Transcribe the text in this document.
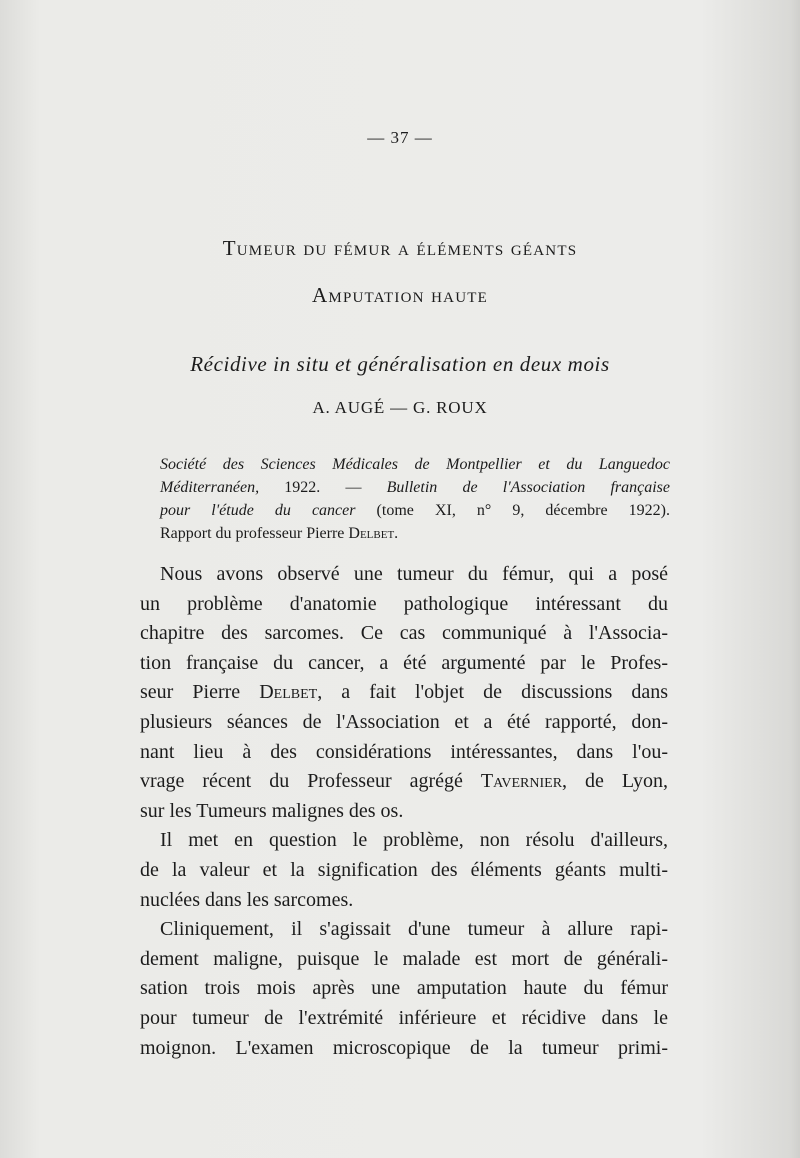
— 37 —
Tumeur du fémur a éléments géants
Amputation haute
Récidive in situ et généralisation en deux mois
A. AUGÉ — G. ROUX
Société des Sciences Médicales de Montpellier et du Languedoc
Méditerranéen, 1922. — Bulletin de l'Association française
pour l'étude du cancer (tome XI, n° 9, décembre 1922).
Rapport du professeur Pierre Delbet.
Nous avons observé une tumeur du fémur, qui a posé
un problème d'anatomie pathologique intéressant du
chapitre des sarcomes. Ce cas communiqué à l'Associa-
tion française du cancer, a été argumenté par le Profes-
seur Pierre Delbet, a fait l'objet de discussions dans
plusieurs séances de l'Association et a été rapporté, don-
nant lieu à des considérations intéressantes, dans l'ou-
vrage récent du Professeur agrégé Tavernier, de Lyon,
sur les Tumeurs malignes des os.
Il met en question le problème, non résolu d'ailleurs,
de la valeur et la signification des éléments géants multi-
nuclées dans les sarcomes.
Cliniquement, il s'agissait d'une tumeur à allure rapi-
dement maligne, puisque le malade est mort de générali-
sation trois mois après une amputation haute du fémur
pour tumeur de l'extrémité inférieure et récidive dans le
moignon. L'examen microscopique de la tumeur primi-
